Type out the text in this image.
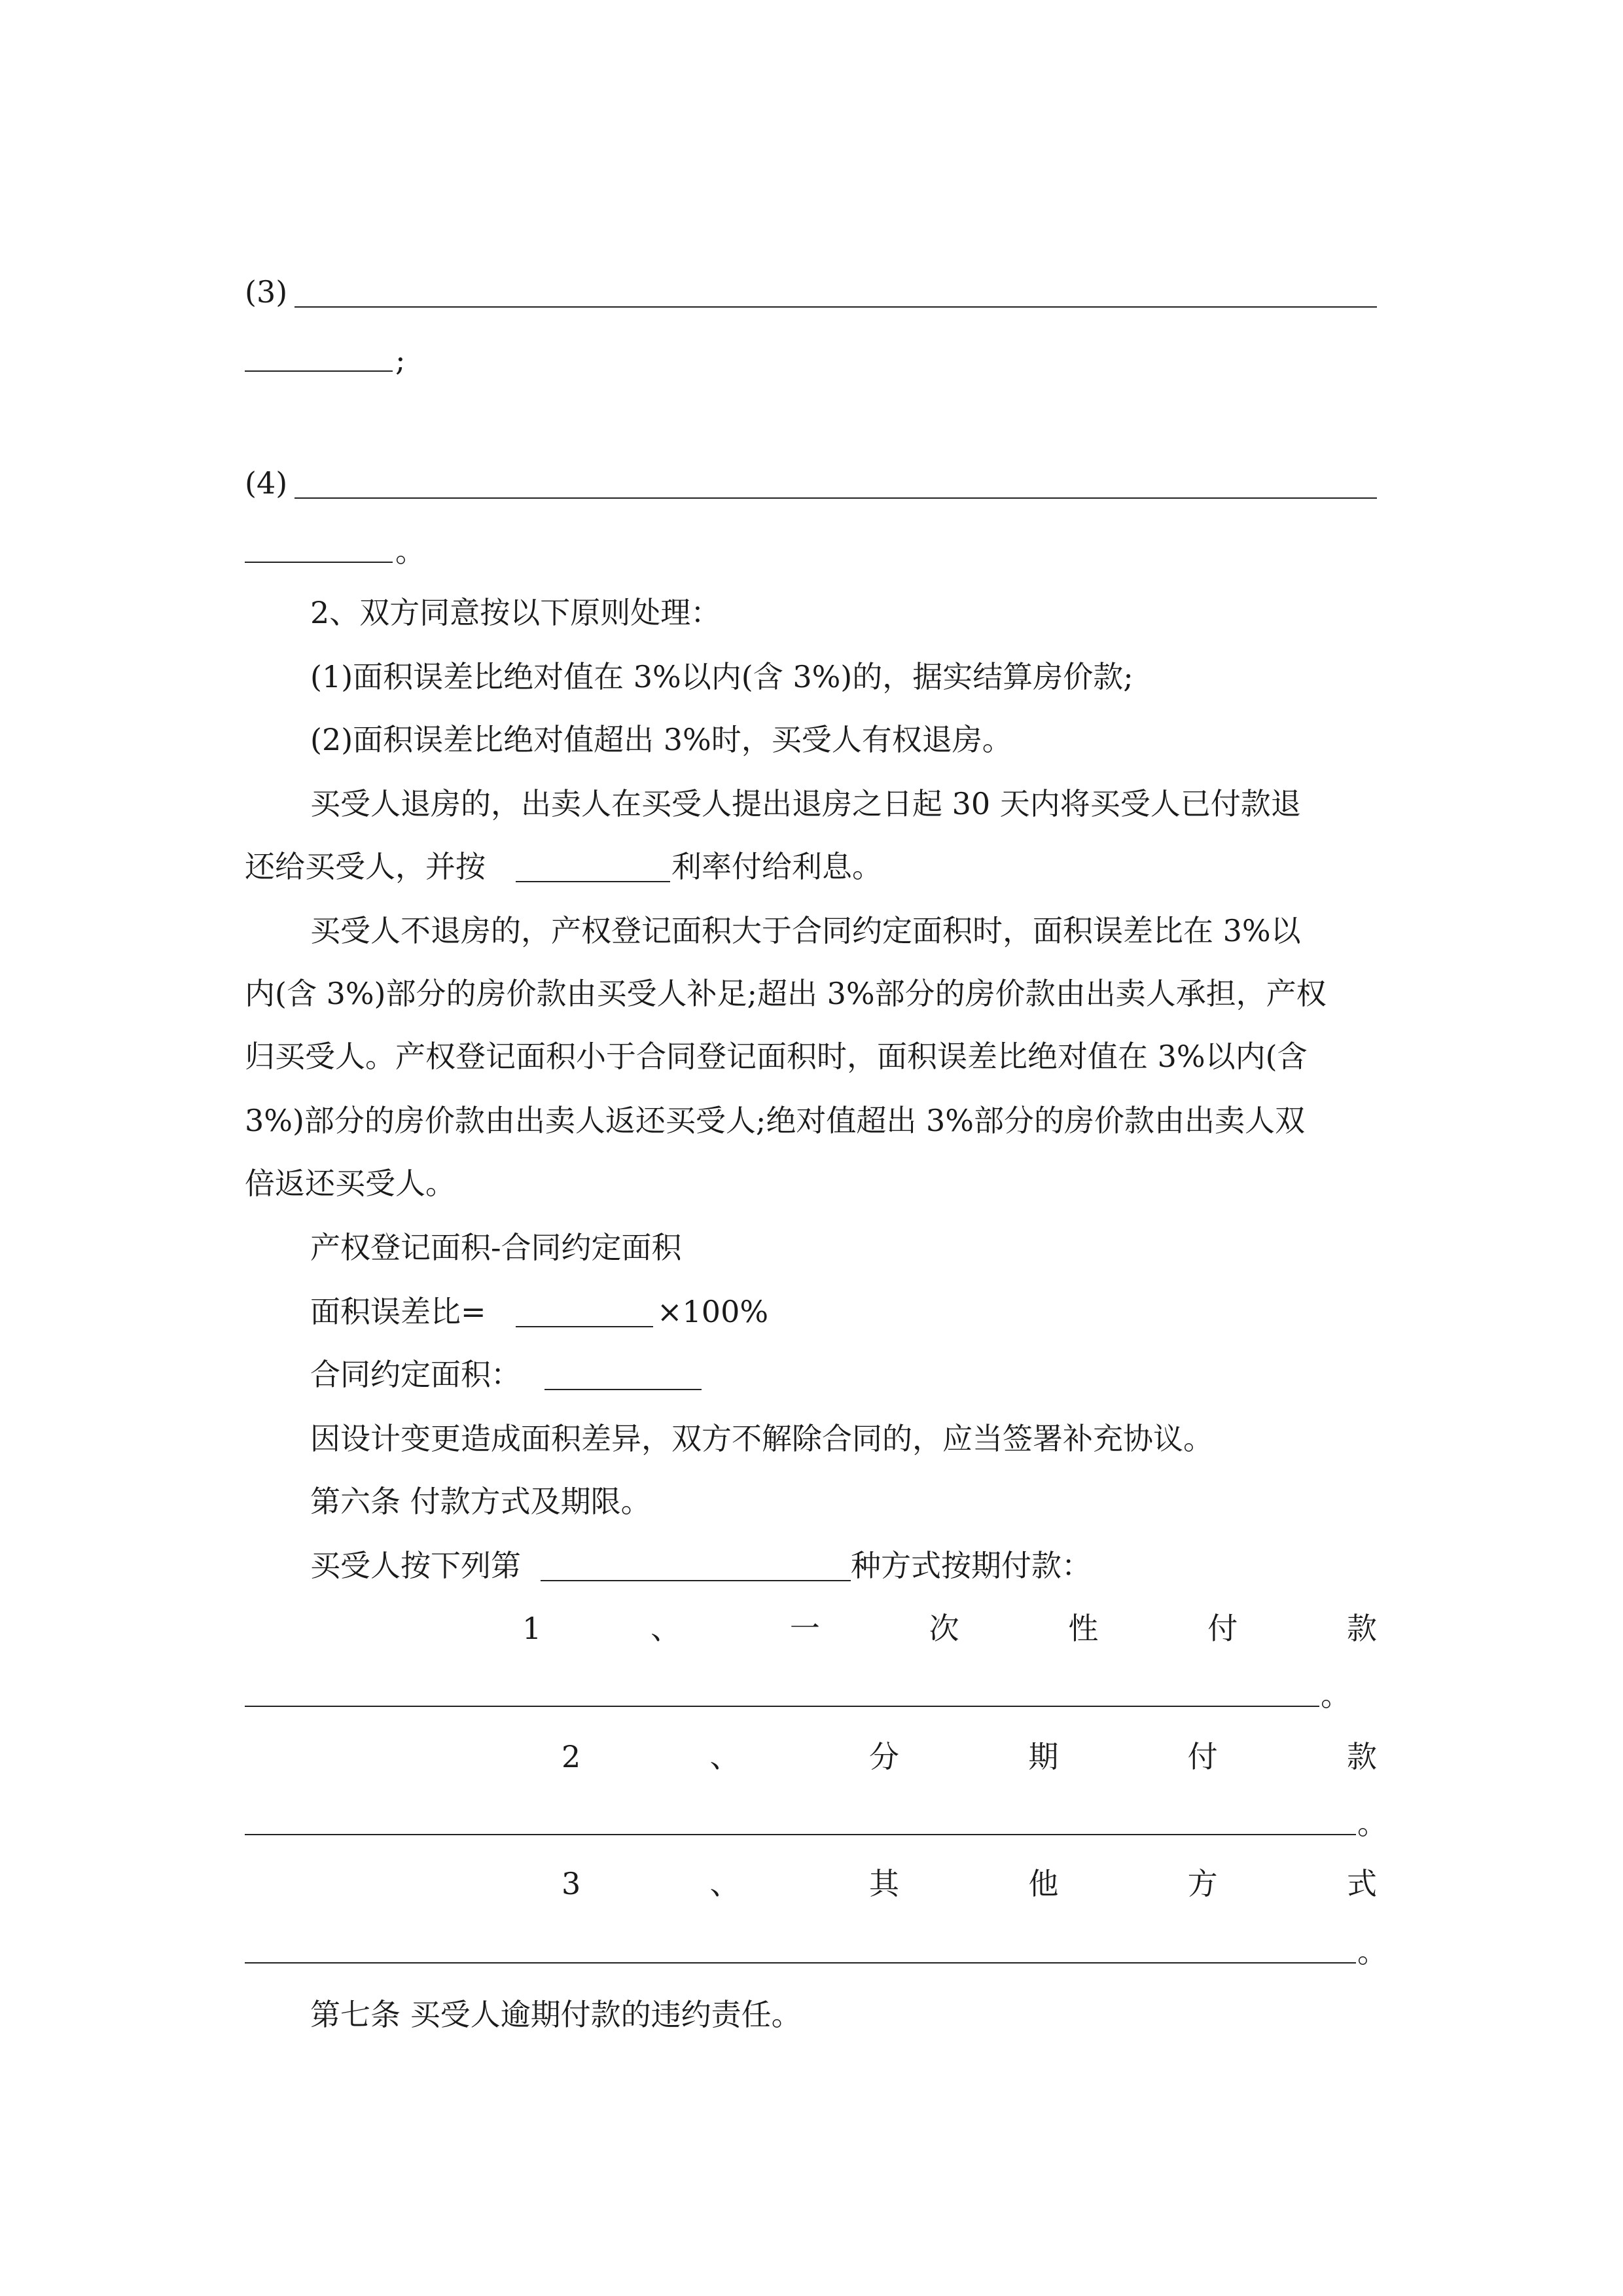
(3)
;
(4)
。
2、双方同意按以下原则处理：
(1)面积误差比绝对值在 3%以内(含 3%)的，据实结算房价款;
(2)面积误差比绝对值超出 3%时，买受人有权退房。
买受人退房的，出卖人在买受人提出退房之日起 30 天内将买受人已付款退
还给买受人，并按	利率付给利息。
买受人不退房的，产权登记面积大于合同约定面积时，面积误差比在 3%以
内(含 3%)部分的房价款由买受人补足;超出 3%部分的房价款由出卖人承担，产权
归买受人。产权登记面积小于合同登记面积时，面积误差比绝对值在 3%以内(含
3%)部分的房价款由出卖人返还买受人;绝对值超出 3%部分的房价款由出卖人双
倍返还买受人。
产权登记面积-合同约定面积
面积误差比=	×100%
合同约定面积：
因设计变更造成面积差异，双方不解除合同的，应当签署补充协议。
第六条 付款方式及期限。
买受人按下列第	种方式按期付款：
1	、	一	次	性	付	款
。
2	、	分	期	付	款
。
3	、	其	他	方	式
。
第七条 买受人逾期付款的违约责任。
